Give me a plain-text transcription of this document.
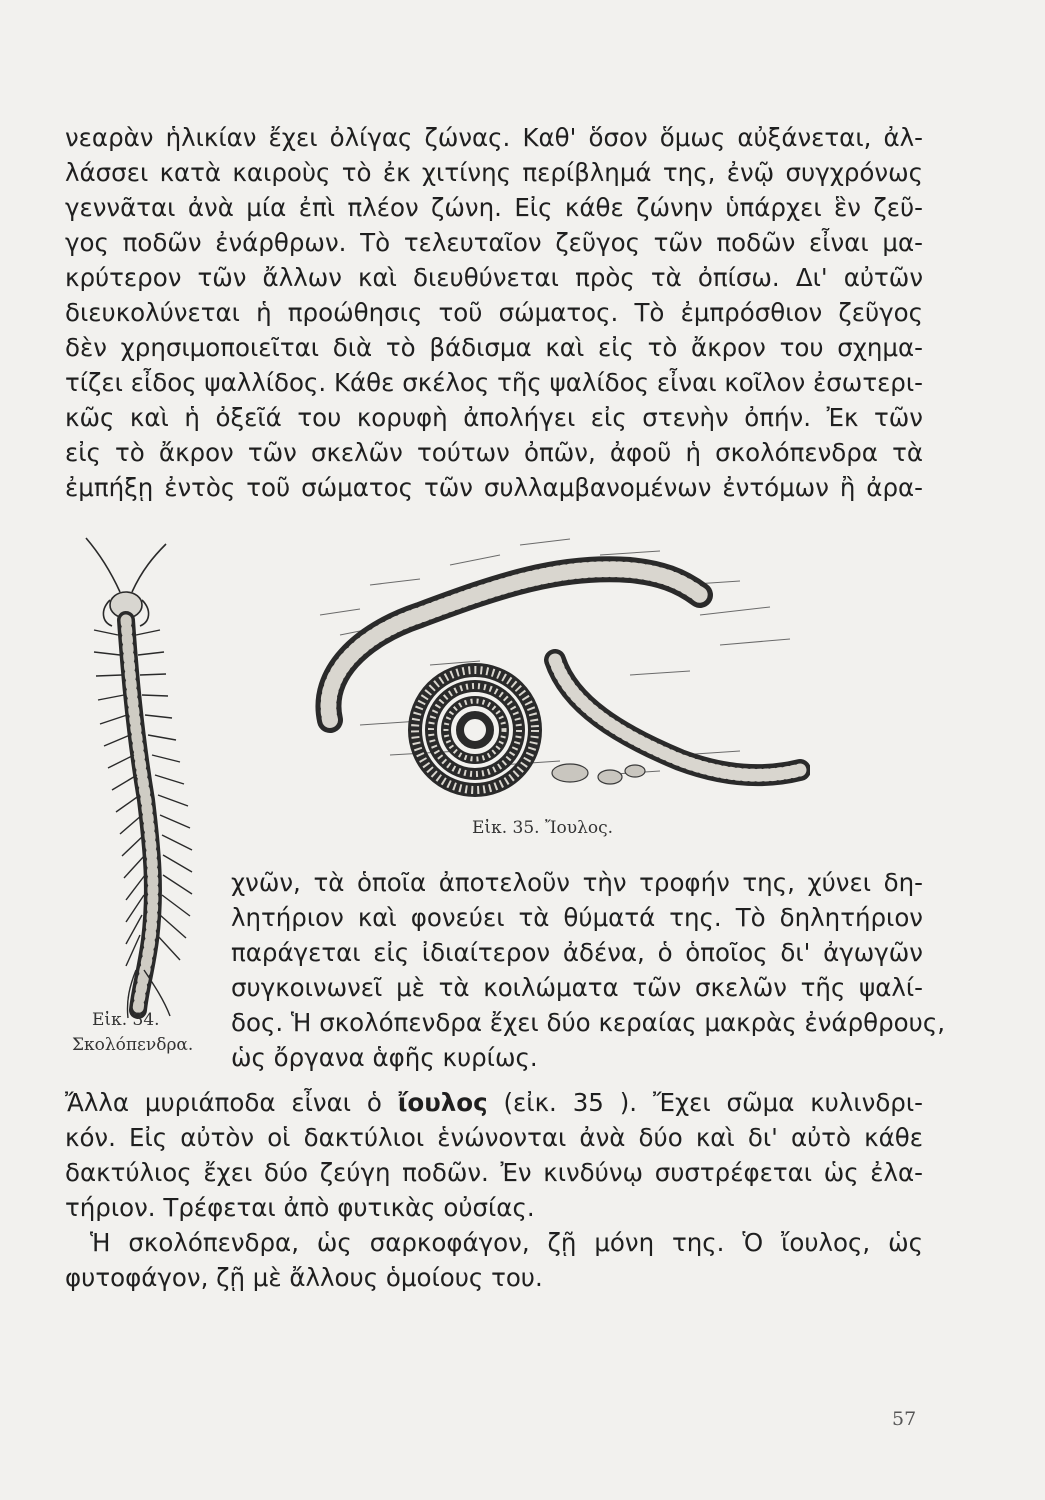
νεαρὰν ἡλικίαν ἔχει ὀλίγας ζώνας. Καθ' ὅσον ὅμως αὐξάνεται, ἀλ-
λάσσει κατὰ καιροὺς τὸ ἐκ χιτίνης περίβλημά της, ἐνῷ συγχρόνως
γεννᾶται ἀνὰ μία ἐπὶ πλέον ζώνη. Εἰς κάθε ζώνην ὑπάρχει ἓν ζεῦ-
γος ποδῶν ἐνάρθρων. Τὸ τελευταῖον ζεῦγος τῶν ποδῶν εἶναι μα-
κρύτερον τῶν ἄλλων καὶ διευθύνεται πρὸς τὰ ὀπίσω. Δι' αὐτῶν
διευκολύνεται ἡ προώθησις τοῦ σώματος. Τὸ ἐμπρόσθιον ζεῦγος
δὲν χρησιμοποιεῖται διὰ τὸ βάδισμα καὶ εἰς τὸ ἄκρον του σχημα-
τίζει εἶδος ψαλλίδος. Κάθε σκέλος τῆς ψαλίδος εἶναι κοῖλον ἐσωτερι-
κῶς καὶ ἡ ὀξεῖά του κορυφὴ ἀπολήγει εἰς στενὴν ὀπήν. Ἐκ τῶν
εἰς τὸ ἄκρον τῶν σκελῶν τούτων ὀπῶν, ἀφοῦ ἡ σκολόπενδρα τὰ
ἐμπήξῃ ἐντὸς τοῦ σώματος τῶν συλλαμβανομένων ἐντόμων ἢ ἀρα-
Εἰκ. 35. Ἴουλος.
χνῶν, τὰ ὁποῖα ἀποτελοῦν τὴν τροφήν της, χύνει δη-
λητήριον καὶ φονεύει τὰ θύματά της. Τὸ δηλητήριον
παράγεται εἰς ἰδιαίτερον ἀδένα, ὁ ὁποῖος δι' ἀγωγῶν
συγκοινωνεῖ μὲ τὰ κοιλώματα τῶν σκελῶν τῆς ψαλί-
δος. Ἡ σκολόπενδρα ἔχει δύο κεραίας μακρὰς ἐνάρθρους,
ὡς ὄργανα ἁφῆς κυρίως.
Εἰκ. 34.
Σκολόπενδρα.
Ἄλλα μυριάποδα εἶναι ὁ ἴουλος (εἰκ. 35 ). Ἔχει σῶμα κυλινδρι-
κόν. Εἰς αὐτὸν οἱ δακτύλιοι ἑνώνονται ἀνὰ δύο καὶ δι' αὐτὸ κάθε
δακτύλιος ἔχει δύο ζεύγη ποδῶν. Ἐν κινδύνῳ συστρέφεται ὡς ἐλα-
τήριον. Τρέφεται ἀπὸ φυτικὰς οὐσίας.
Ἡ σκολόπενδρα, ὡς σαρκοφάγον, ζῇ μόνη της. Ὁ ἴουλος, ὡς
φυτοφάγον, ζῇ μὲ ἄλλους ὁμοίους του.
57
